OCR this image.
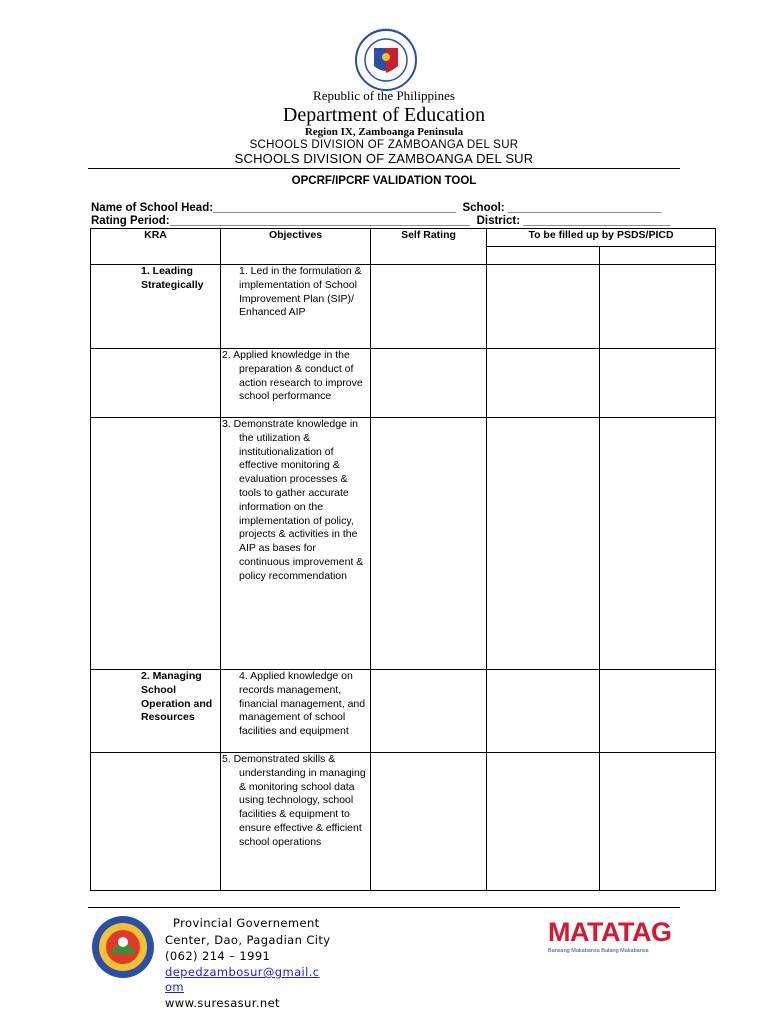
Republic of the Philippines
Department of Education
Region IX, Zamboanga Peninsula
SCHOOLS DIVISION OF ZAMBOANGA DEL SUR
SCHOOLS DIVISION OF ZAMBOANGA DEL SUR
OPCRF/IPCRF VALIDATION TOOL
Name of School Head:______________________________________  School: ________________________
Rating Period:_______________________________________________  District: _______________________
KRA	Objectives	Self Rating	To be filled up by PSDS/PICD	

1. Leading Strategically	1. Led in the formulation & implementation of School Improvement Plan (SIP)/ Enhanced AIP			
	2. Applied knowledge in the preparation & conduct of action research to improve school performance			
	3. Demonstrate knowledge in the utilization & institutionalization of effective monitoring & evaluation processes & tools to gather accurate information on the implementation of policy, projects & activities in the AIP as bases for continuous improvement & policy recommendation			
2. Managing School Operation and Resources	4. Applied knowledge on records management, financial management, and management of school facilities and equipment			
	5. Demonstrated skills & understanding in managing & monitoring school data using technology, school facilities & equipment to ensure effective & efficient school operations			
Provincial Governement
Center, Dao, Pagadian City
(062) 214 – 1991
depedzambosur@gmail.c
om
www.suresasur.net
MATATAG
Bansang Makabansa Batang Makabansa
